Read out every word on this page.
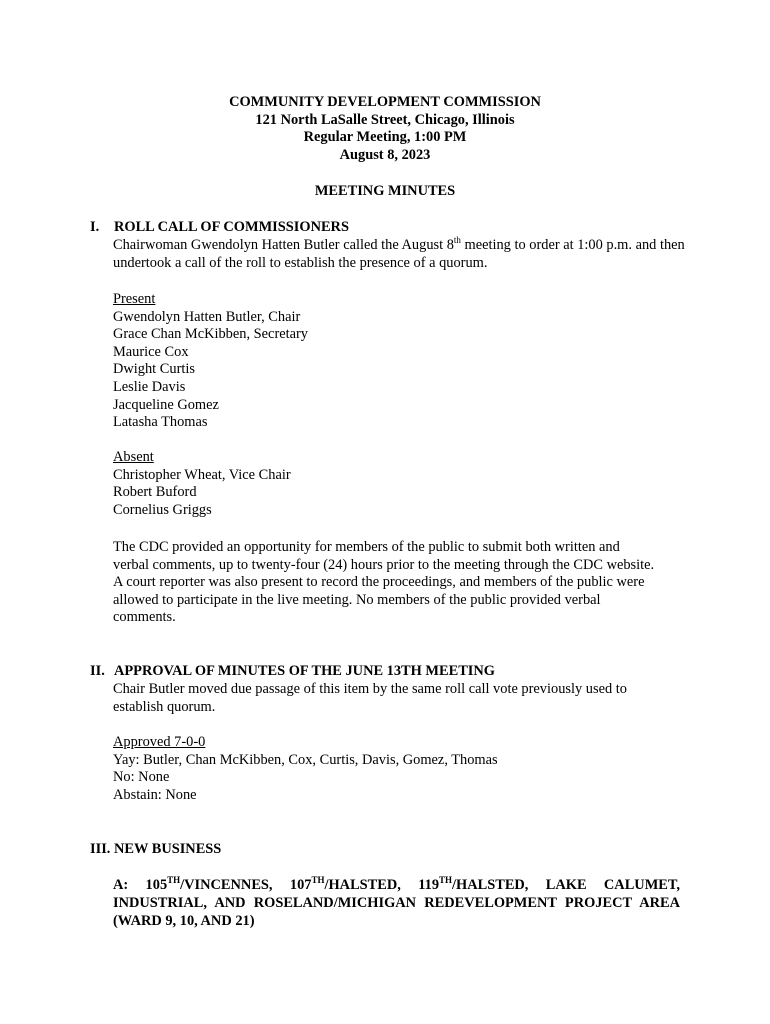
COMMUNITY DEVELOPMENT COMMISSION
121 North LaSalle Street, Chicago, Illinois
Regular Meeting, 1:00 PM
August 8, 2023
MEETING MINUTES
I. ROLL CALL OF COMMISSIONERS

Chairwoman Gwendolyn Hatten Butler called the August 8th meeting to order at 1:00 p.m. and then undertook a call of the roll to establish the presence of a quorum.

Present
Gwendolyn Hatten Butler, Chair
Grace Chan McKibben, Secretary
Maurice Cox
Dwight Curtis
Leslie Davis
Jacqueline Gomez
Latasha Thomas
Absent
Christopher Wheat, Vice Chair
Robert Buford
Cornelius Griggs

The CDC provided an opportunity for members of the public to submit both written and verbal comments, up to twenty-four (24) hours prior to the meeting through the CDC website. A court reporter was also present to record the proceedings, and members of the public were allowed to participate in the live meeting. No members of the public provided verbal comments.

II. APPROVAL OF MINUTES OF THE JUNE 13TH MEETING

Chair Butler moved due passage of this item by the same roll call vote previously used to establish quorum.

Approved 7-0-0
Yay: Butler, Chan McKibben, Cox, Curtis, Davis, Gomez, Thomas
No: None
Abstain: None
III. NEW BUSINESS
A: 105TH/VINCENNES, 107TH/HALSTED, 119TH/HALSTED, LAKE CALUMET, INDUSTRIAL, AND ROSELAND/MICHIGAN REDEVELOPMENT PROJECT AREA (WARD 9, 10, AND 21)
